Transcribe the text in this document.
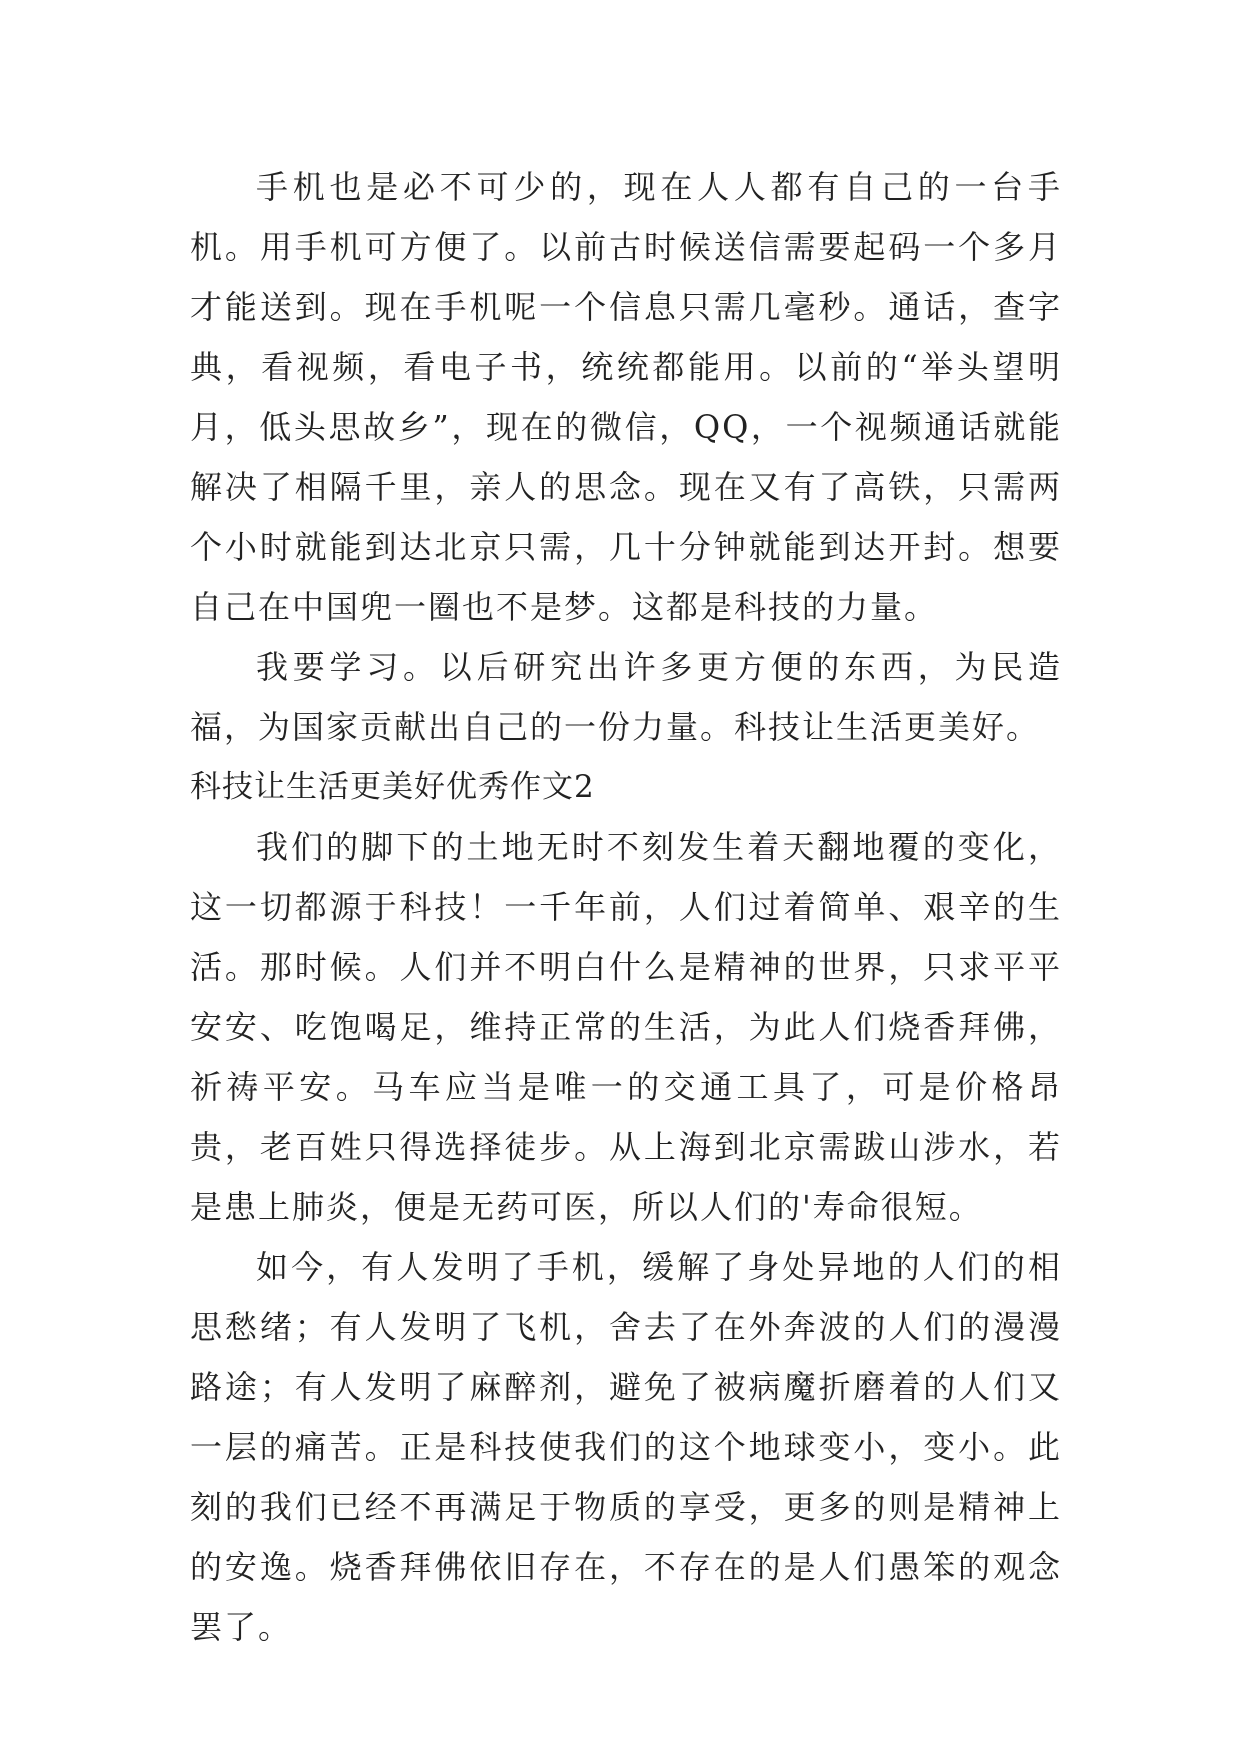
手机也是必不可少的，现在人人都有自己的一台手机。用手机可方便了。以前古时候送信需要起码一个多月才能送到。现在手机呢一个信息只需几毫秒。通话，查字典，看视频，看电子书，统统都能用。以前的“举头望明月，低头思故乡”，现在的微信，QQ，一个视频通话就能解决了相隔千里，亲人的思念。现在又有了高铁，只需两个小时就能到达北京只需，几十分钟就能到达开封。想要自己在中国兜一圈也不是梦。这都是科技的力量。

我要学习。以后研究出许多更方便的东西，为民造福，为国家贡献出自己的一份力量。科技让生活更美好。

科技让生活更美好优秀作文2

我们的脚下的土地无时不刻发生着天翻地覆的变化，这一切都源于科技！一千年前，人们过着简单、艰辛的生活。那时候。人们并不明白什么是精神的世界，只求平平安安、吃饱喝足，维持正常的生活，为此人们烧香拜佛，祈祷平安。马车应当是唯一的交通工具了，可是价格昂贵，老百姓只得选择徒步。从上海到北京需跋山涉水，若是患上肺炎，便是无药可医，所以人们的'寿命很短。

如今，有人发明了手机，缓解了身处异地的人们的相思愁绪；有人发明了飞机，舍去了在外奔波的人们的漫漫路途；有人发明了麻醉剂，避免了被病魔折磨着的人们又一层的痛苦。正是科技使我们的这个地球变小，变小。此刻的我们已经不再满足于物质的享受，更多的则是精神上的安逸。烧香拜佛依旧存在，不存在的是人们愚笨的观念罢了。
